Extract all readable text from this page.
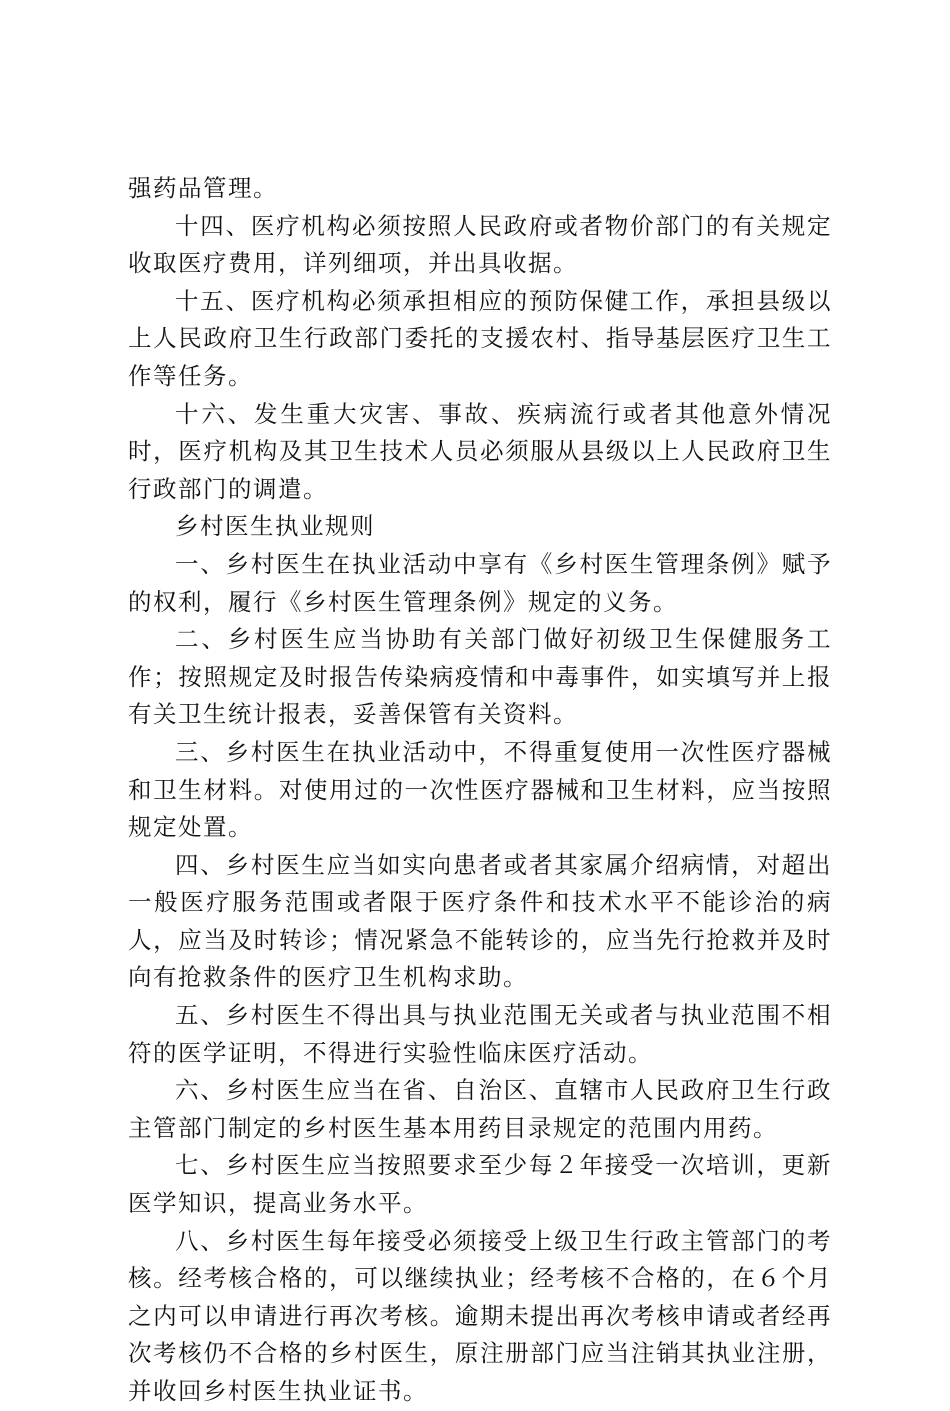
强药品管理。

十四、医疗机构必须按照人民政府或者物价部门的有关规定收取医疗费用，详列细项，并出具收据。

十五、医疗机构必须承担相应的预防保健工作，承担县级以上人民政府卫生行政部门委托的支援农村、指导基层医疗卫生工作等任务。

十六、发生重大灾害、事故、疾病流行或者其他意外情况时，医疗机构及其卫生技术人员必须服从县级以上人民政府卫生行政部门的调遣。

乡村医生执业规则

一、乡村医生在执业活动中享有《乡村医生管理条例》赋予的权利，履行《乡村医生管理条例》规定的义务。

二、乡村医生应当协助有关部门做好初级卫生保健服务工作；按照规定及时报告传染病疫情和中毒事件，如实填写并上报有关卫生统计报表，妥善保管有关资料。

三、乡村医生在执业活动中，不得重复使用一次性医疗器械和卫生材料。对使用过的一次性医疗器械和卫生材料，应当按照规定处置。

四、乡村医生应当如实向患者或者其家属介绍病情，对超出一般医疗服务范围或者限于医疗条件和技术水平不能诊治的病人，应当及时转诊；情况紧急不能转诊的，应当先行抢救并及时向有抢救条件的医疗卫生机构求助。

五、乡村医生不得出具与执业范围无关或者与执业范围不相符的医学证明，不得进行实验性临床医疗活动。

六、乡村医生应当在省、自治区、直辖市人民政府卫生行政主管部门制定的乡村医生基本用药目录规定的范围内用药。

七、乡村医生应当按照要求至少每２年接受一次培训，更新医学知识，提高业务水平。

八、乡村医生每年接受必须接受上级卫生行政主管部门的考核。经考核合格的，可以继续执业；经考核不合格的，在６个月之内可以申请进行再次考核。逾期未提出再次考核申请或者经再次考核仍不合格的乡村医生，原注册部门应当注销其执业注册，并收回乡村医生执业证书。
